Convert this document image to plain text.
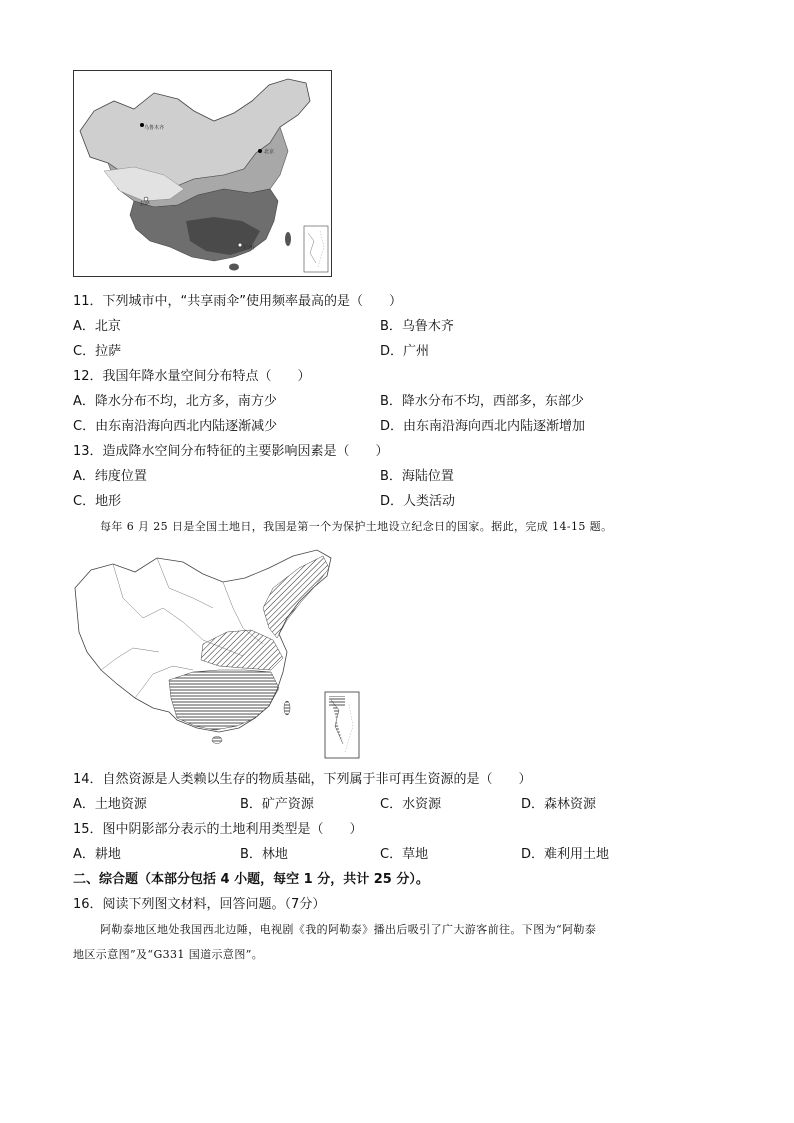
乌鲁木齐
北京
拉萨
广州
11．下列城市中，“共享雨伞”使用频率最高的是（　　）
A．北京	B．乌鲁木齐
C．拉萨	D．广州
12．我国年降水量空间分布特点（　　）
A．降水分布不均，北方多，南方少	B．降水分布不均，西部多，东部少
C．由东南沿海向西北内陆逐渐减少	D．由东南沿海向西北内陆逐渐增加
13．造成降水空间分布特征的主要影响因素是（　　）
A．纬度位置	B．海陆位置
C．地形	D．人类活动
每年 6 月 25 日是全国土地日，我国是第一个为保护土地设立纪念日的国家。据此，完成 14-15 题。
14．自然资源是人类赖以生存的物质基础，下列属于非可再生资源的是（　　）
A．土地资源	B．矿产资源	C．水资源	D．森林资源
15．图中阴影部分表示的土地利用类型是（　　）
A．耕地	B．林地	C．草地	D．难利用土地
二、综合题（本部分包括 4 小题，每空 1 分，共计 25 分）。
16．阅读下列图文材料，回答问题。（7分）
阿勒泰地区地处我国西北边陲，电视剧《我的阿勒泰》播出后吸引了广大游客前往。下图为“阿勒泰
地区示意图”及“G331 国道示意图”。
